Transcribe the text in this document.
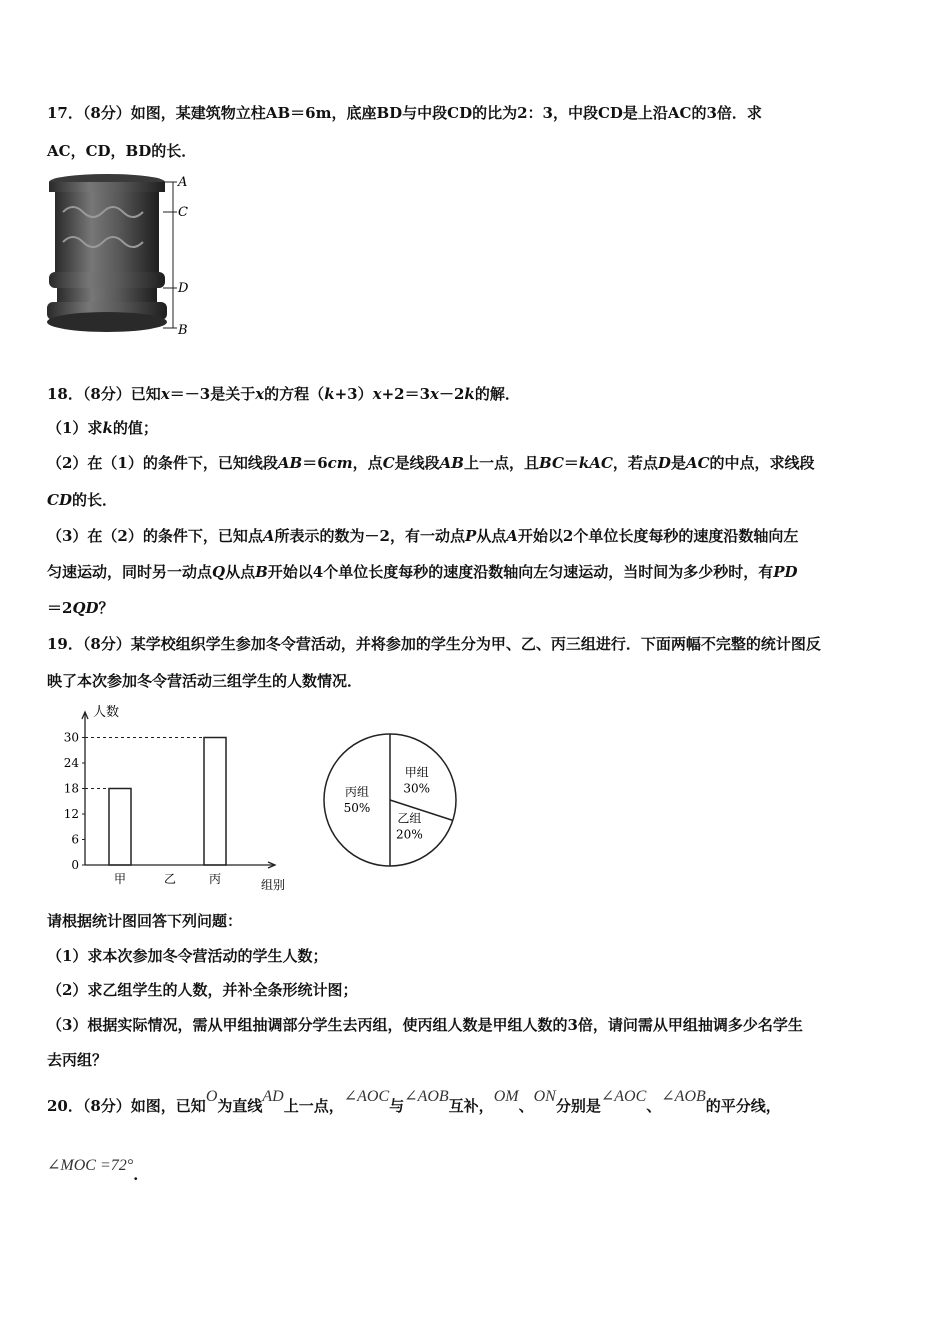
17．（8分）如图，某建筑物立柱AB＝6m，底座BD与中段CD的比为2：3，中段CD是上沿AC的3倍．求
AC，CD，BD的长．
A
C
D
B
18．（8分）已知x＝－3是关于x的方程（k+3）x+2＝3x－2k的解．
（1）求k的值；
（2）在（1）的条件下，已知线段AB＝6cm，点C是线段AB上一点，且BC＝kAC，若点D是AC的中点，求线段
CD的长．
（3）在（2）的条件下，已知点A所表示的数为－2，有一动点P从点A开始以2个单位长度每秒的速度沿数轴向左
匀速运动，同时另一动点Q从点B开始以4个单位长度每秒的速度沿数轴向左匀速运动，当时间为多少秒时，有PD
＝2QD？
19．（8分）某学校组织学生参加冬令营活动，并将参加的学生分为甲、乙、丙三组进行．下面两幅不完整的统计图反
映了本次参加冬令营活动三组学生的人数情况．
人数
组别
0
6
12
18
24
30
甲	乙	丙
甲组
30%
乙组
20%
丙组
50%
请根据统计图回答下列问题：
（1）求本次参加冬令营活动的学生人数；
（2）求乙组学生的人数，并补全条形统计图；
（3）根据实际情况，需从甲组抽调部分学生去丙组，使丙组人数是甲组人数的3倍，请问需从甲组抽调多少名学生
去丙组？
20．（8分）如图，已知O为直线AD上一点，∠AOC与∠AOB互补，OM、ON分别是∠AOC、∠AOB的平分线，
∠MOC =72°.
